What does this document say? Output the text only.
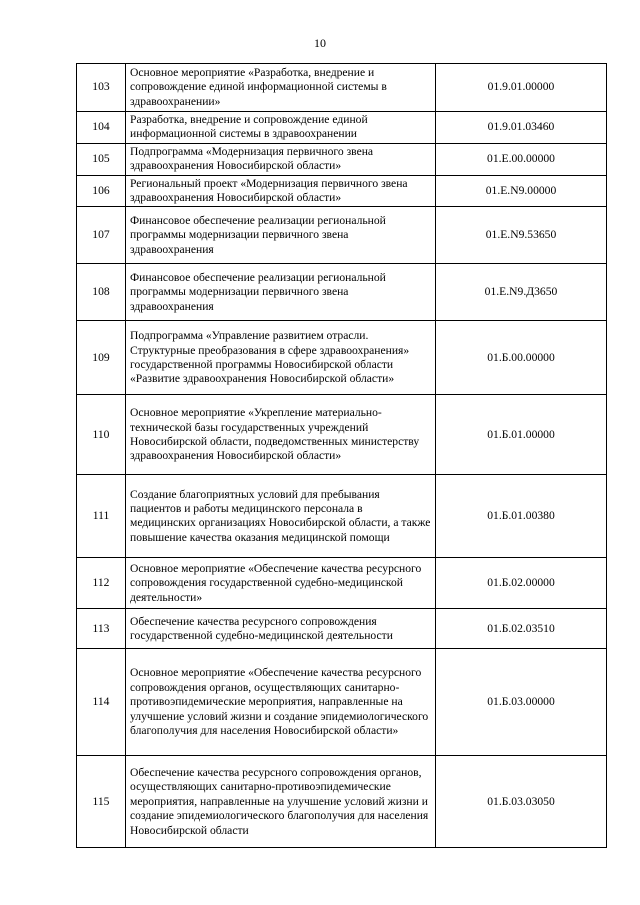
10
103	Основное мероприятие «Разработка, внедрение и сопровождение единой информационной системы в здравоохранении»	01.9.01.00000
104	Разработка, внедрение и сопровождение единой информационной системы в здравоохранении	01.9.01.03460
105	Подпрограмма «Модернизация первичного звена здравоохранения Новосибирской области»	01.Е.00.00000
106	Региональный проект «Модернизация первичного звена здравоохранения Новосибирской области»	01.Е.N9.00000
107	Финансовое обеспечение реализации региональной программы модернизации первичного звена здравоохранения	01.Е.N9.53650
108	Финансовое обеспечение реализации региональной программы модернизации первичного звена здравоохранения	01.Е.N9.Д3650
109	Подпрограмма «Управление развитием отрасли. Структурные преобразования в сфере здравоохранения» государственной программы Новосибирской области «Развитие здравоохранения Новосибирской области»	01.Б.00.00000
110	Основное мероприятие «Укрепление материально-технической базы государственных учреждений Новосибирской области, подведомственных министерству здравоохранения Новосибирской области»	01.Б.01.00000
111	Создание благоприятных условий для пребывания пациентов и работы медицинского персонала в медицинских организациях Новосибирской области, а также повышение качества оказания медицинской помощи	01.Б.01.00380
112	Основное мероприятие «Обеспечение качества ресурсного сопровождения государственной судебно-медицинской деятельности»	01.Б.02.00000
113	Обеспечение качества ресурсного сопровождения государственной судебно-медицинской деятельности	01.Б.02.03510
114	Основное мероприятие «Обеспечение качества ресурсного сопровождения органов, осуществляющих санитарно-противоэпидемические мероприятия, направленные на улучшение условий жизни и создание эпидемиологического благополучия для населения Новосибирской области»	01.Б.03.00000
115	Обеспечение качества ресурсного сопровождения органов, осуществляющих санитарно-противоэпидемические мероприятия, направленные на улучшение условий жизни и создание эпидемиологического благополучия для населения Новосибирской области	01.Б.03.03050
